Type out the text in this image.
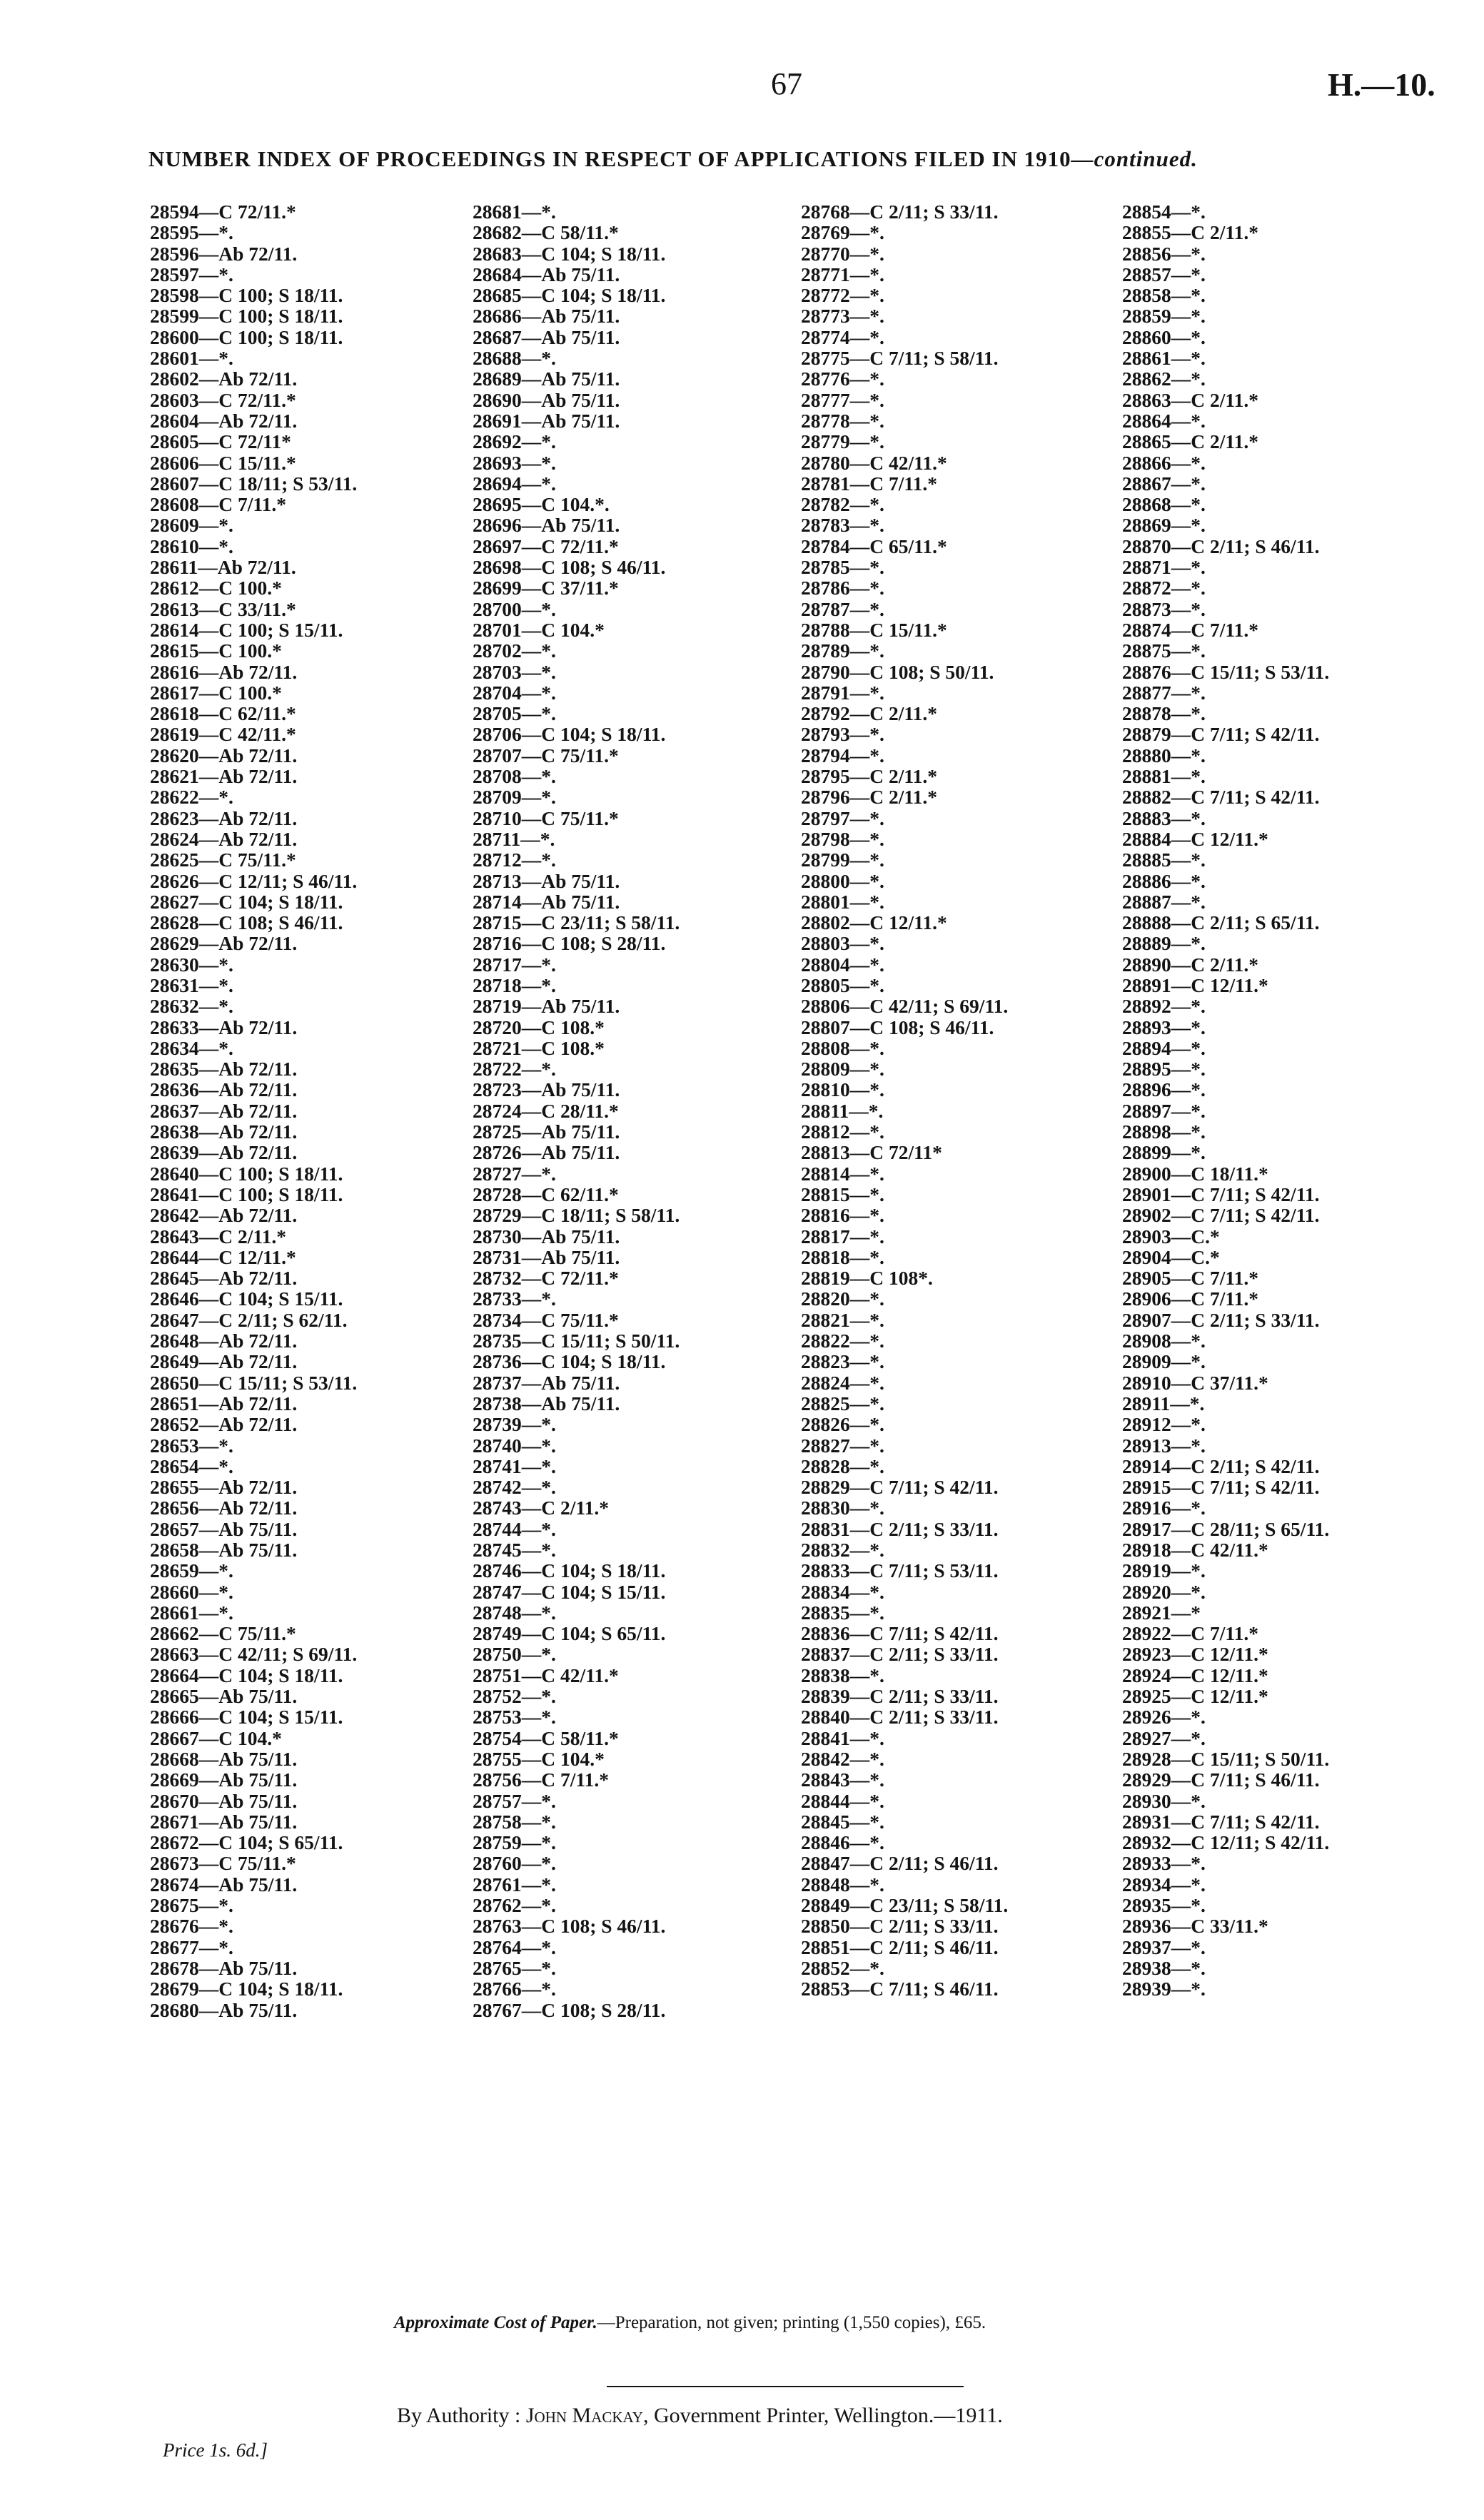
67	H.—10.
NUMBER INDEX OF PROCEEDINGS IN RESPECT OF APPLICATIONS FILED IN 1910—continued.
28594—C 72/11.*
28595—*.
28596—Ab 72/11.
28597—*.
28598—C 100; S 18/11.
28599—C 100; S 18/11.
28600—C 100; S 18/11.
28601—*.
28602—Ab 72/11.
28603—C 72/11.*
28604—Ab 72/11.
28605—C 72/11*
28606—C 15/11.*
28607—C 18/11; S 53/11.
28608—C 7/11.*
28609—*.
28610—*.
28611—Ab 72/11.
28612—C 100.*
28613—C 33/11.*
28614—C 100; S 15/11.
28615—C 100.*
28616—Ab 72/11.
28617—C 100.*
28618—C 62/11.*
28619—C 42/11.*
28620—Ab 72/11.
28621—Ab 72/11.
28622—*.
28623—Ab 72/11.
28624—Ab 72/11.
28625—C 75/11.*
28626—C 12/11; S 46/11.
28627—C 104; S 18/11.
28628—C 108; S 46/11.
28629—Ab 72/11.
28630—*.
28631—*.
28632—*.
28633—Ab 72/11.
28634—*.
28635—Ab 72/11.
28636—Ab 72/11.
28637—Ab 72/11.
28638—Ab 72/11.
28639—Ab 72/11.
28640—C 100; S 18/11.
28641—C 100; S 18/11.
28642—Ab 72/11.
28643—C 2/11.*
28644—C 12/11.*
28645—Ab 72/11.
28646—C 104; S 15/11.
28647—C 2/11; S 62/11.
28648—Ab 72/11.
28649—Ab 72/11.
28650—C 15/11; S 53/11.
28651—Ab 72/11.
28652—Ab 72/11.
28653—*.
28654—*.
28655—Ab 72/11.
28656—Ab 72/11.
28657—Ab 75/11.
28658—Ab 75/11.
28659—*.
28660—*.
28661—*.
28662—C 75/11.*
28663—C 42/11; S 69/11.
28664—C 104; S 18/11.
28665—Ab 75/11.
28666—C 104; S 15/11.
28667—C 104.*
28668—Ab 75/11.
28669—Ab 75/11.
28670—Ab 75/11.
28671—Ab 75/11.
28672—C 104; S 65/11.
28673—C 75/11.*
28674—Ab 75/11.
28675—*.
28676—*.
28677—*.
28678—Ab 75/11.
28679—C 104; S 18/11.
28680—Ab 75/11.
28681—*.
28682—C 58/11.*
28683—C 104; S 18/11.
28684—Ab 75/11.
28685—C 104; S 18/11.
28686—Ab 75/11.
28687—Ab 75/11.
28688—*.
28689—Ab 75/11.
28690—Ab 75/11.
28691—Ab 75/11.
28692—*.
28693—*.
28694—*.
28695—C 104.*.
28696—Ab 75/11.
28697—C 72/11.*
28698—C 108; S 46/11.
28699—C 37/11.*
28700—*.
28701—C 104.*
28702—*.
28703—*.
28704—*.
28705—*.
28706—C 104; S 18/11.
28707—C 75/11.*
28708—*.
28709—*.
28710—C 75/11.*
28711—*.
28712—*.
28713—Ab 75/11.
28714—Ab 75/11.
28715—C 23/11; S 58/11.
28716—C 108; S 28/11.
28717—*.
28718—*.
28719—Ab 75/11.
28720—C 108.*
28721—C 108.*
28722—*.
28723—Ab 75/11.
28724—C 28/11.*
28725—Ab 75/11.
28726—Ab 75/11.
28727—*.
28728—C 62/11.*
28729—C 18/11; S 58/11.
28730—Ab 75/11.
28731—Ab 75/11.
28732—C 72/11.*
28733—*.
28734—C 75/11.*
28735—C 15/11; S 50/11.
28736—C 104; S 18/11.
28737—Ab 75/11.
28738—Ab 75/11.
28739—*.
28740—*.
28741—*.
28742—*.
28743—C 2/11.*
28744—*.
28745—*.
28746—C 104; S 18/11.
28747—C 104; S 15/11.
28748—*.
28749—C 104; S 65/11.
28750—*.
28751—C 42/11.*
28752—*.
28753—*.
28754—C 58/11.*
28755—C 104.*
28756—C 7/11.*
28757—*.
28758—*.
28759—*.
28760—*.
28761—*.
28762—*.
28763—C 108; S 46/11.
28764—*.
28765—*.
28766—*.
28767—C 108; S 28/11.
28768—C 2/11; S 33/11.
28769—*.
28770—*.
28771—*.
28772—*.
28773—*.
28774—*.
28775—C 7/11; S 58/11.
28776—*.
28777—*.
28778—*.
28779—*.
28780—C 42/11.*
28781—C 7/11.*
28782—*.
28783—*.
28784—C 65/11.*
28785—*.
28786—*.
28787—*.
28788—C 15/11.*
28789—*.
28790—C 108; S 50/11.
28791—*.
28792—C 2/11.*
28793—*.
28794—*.
28795—C 2/11.*
28796—C 2/11.*
28797—*.
28798—*.
28799—*.
28800—*.
28801—*.
28802—C 12/11.*
28803—*.
28804—*.
28805—*.
28806—C 42/11; S 69/11.
28807—C 108; S 46/11.
28808—*.
28809—*.
28810—*.
28811—*.
28812—*.
28813—C 72/11*
28814—*.
28815—*.
28816—*.
28817—*.
28818—*.
28819—C 108*.
28820—*.
28821—*.
28822—*.
28823—*.
28824—*.
28825—*.
28826—*.
28827—*.
28828—*.
28829—C 7/11; S 42/11.
28830—*.
28831—C 2/11; S 33/11.
28832—*.
28833—C 7/11; S 53/11.
28834—*.
28835—*.
28836—C 7/11; S 42/11.
28837—C 2/11; S 33/11.
28838—*.
28839—C 2/11; S 33/11.
28840—C 2/11; S 33/11.
28841—*.
28842—*.
28843—*.
28844—*.
28845—*.
28846—*.
28847—C 2/11; S 46/11.
28848—*.
28849—C 23/11; S 58/11.
28850—C 2/11; S 33/11.
28851—C 2/11; S 46/11.
28852—*.
28853—C 7/11; S 46/11.
28854—*.
28855—C 2/11.*
28856—*.
28857—*.
28858—*.
28859—*.
28860—*.
28861—*.
28862—*.
28863—C 2/11.*
28864—*.
28865—C 2/11.*
28866—*.
28867—*.
28868—*.
28869—*.
28870—C 2/11; S 46/11.
28871—*.
28872—*.
28873—*.
28874—C 7/11.*
28875—*.
28876—C 15/11; S 53/11.
28877—*.
28878—*.
28879—C 7/11; S 42/11.
28880—*.
28881—*.
28882—C 7/11; S 42/11.
28883—*.
28884—C 12/11.*
28885—*.
28886—*.
28887—*.
28888—C 2/11; S 65/11.
28889—*.
28890—C 2/11.*
28891—C 12/11.*
28892—*.
28893—*.
28894—*.
28895—*.
28896—*.
28897—*.
28898—*.
28899—*.
28900—C 18/11.*
28901—C 7/11; S 42/11.
28902—C 7/11; S 42/11.
28903—C.*
28904—C.*
28905—C 7/11.*
28906—C 7/11.*
28907—C 2/11; S 33/11.
28908—*.
28909—*.
28910—C 37/11.*
28911—*.
28912—*.
28913—*.
28914—C 2/11; S 42/11.
28915—C 7/11; S 42/11.
28916—*.
28917—C 28/11; S 65/11.
28918—C 42/11.*
28919—*.
28920—*.
28921—*
28922—C 7/11.*
28923—C 12/11.*
28924—C 12/11.*
28925—C 12/11.*
28926—*.
28927—*.
28928—C 15/11; S 50/11.
28929—C 7/11; S 46/11.
28930—*.
28931—C 7/11; S 42/11.
28932—C 12/11; S 42/11.
28933—*.
28934—*.
28935—*.
28936—C 33/11.*
28937—*.
28938—*.
28939—*.
Approximate Cost of Paper.—Preparation, not given; printing (1,550 copies), £65.
By Authority : John Mackay, Government Printer, Wellington.—1911.
Price 1s. 6d.]
